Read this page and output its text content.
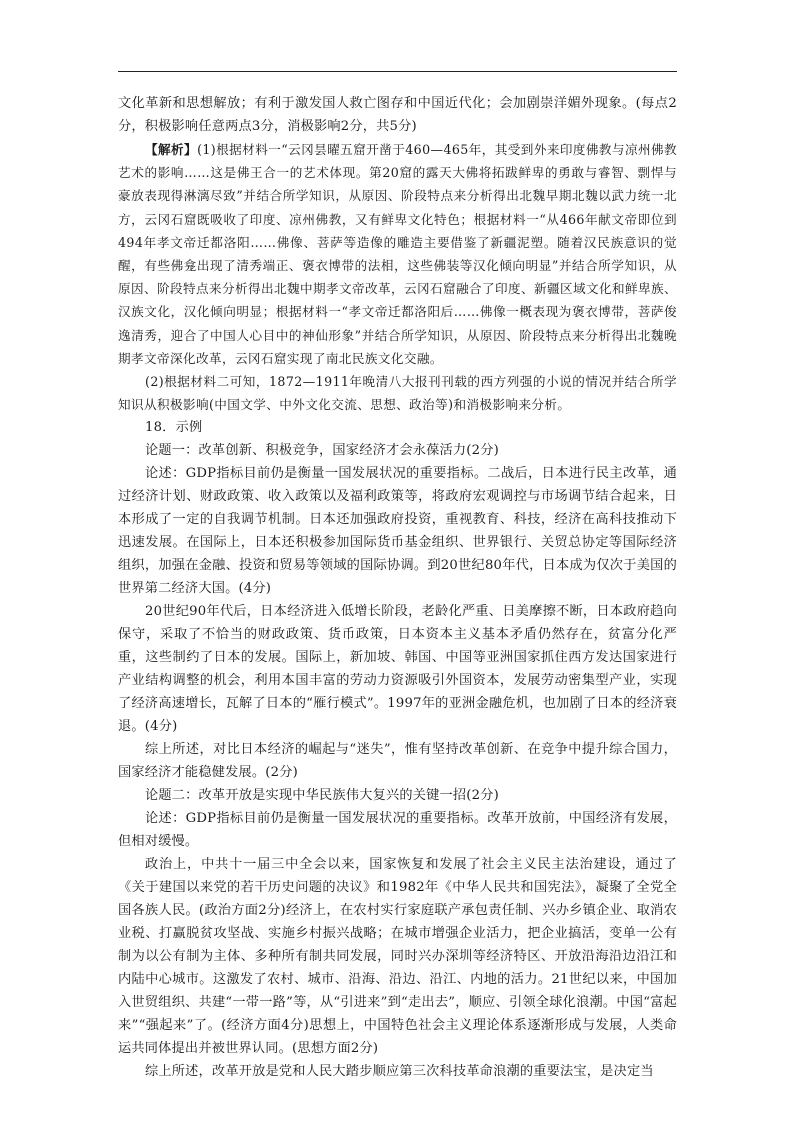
文化革新和思想解放；有利于激发国人救亡图存和中国近代化；会加剧崇洋媚外现象。(每点2分，积极影响任意两点3分，消极影响2分，共5分)

【解析】(1)根据材料一“云冈昙曜五窟开凿于460—465年，其受到外来印度佛教与凉州佛教艺术的影响……这是佛王合一的艺术体现。第20窟的露天大佛将拓跋鲜卑的勇敢与睿智、剽悍与豪放表现得淋漓尽致”并结合所学知识，从原因、阶段特点来分析得出北魏早期北魏以武力统一北方，云冈石窟既吸收了印度、凉州佛教，又有鲜卑文化特色；根据材料一“从466年献文帝即位到494年孝文帝迁都洛阳……佛像、菩萨等造像的雕造主要借鉴了新疆泥塑。随着汉民族意识的觉醒，有些佛龛出现了清秀端正、褒衣博带的法相，这些佛装等汉化倾向明显”并结合所学知识，从原因、阶段特点来分析得出北魏中期孝文帝改革，云冈石窟融合了印度、新疆区域文化和鲜卑族、汉族文化，汉化倾向明显；根据材料一“孝文帝迁都洛阳后……佛像一概表现为褒衣博带，菩萨俊逸清秀，迎合了中国人心目中的神仙形象”并结合所学知识，从原因、阶段特点来分析得出北魏晚期孝文帝深化改革，云冈石窟实现了南北民族文化交融。

(2)根据材料二可知，1872—1911年晚清八大报刊刊载的西方列强的小说的情况并结合所学知识从积极影响(中国文学、中外文化交流、思想、政治等)和消极影响来分析。

18．示例

论题一：改革创新、积极竞争，国家经济才会永葆活力(2分)

论述：GDP指标目前仍是衡量一国发展状况的重要指标。二战后，日本进行民主改革，通过经济计划、财政政策、收入政策以及福利政策等，将政府宏观调控与市场调节结合起来，日本形成了一定的自我调节机制。日本还加强政府投资，重视教育、科技，经济在高科技推动下迅速发展。在国际上，日本还积极参加国际货币基金组织、世界银行、关贸总协定等国际经济组织，加强在金融、投资和贸易等领域的国际协调。到20世纪80年代，日本成为仅次于美国的世界第二经济大国。(4分)

20世纪90年代后，日本经济进入低增长阶段，老龄化严重、日美摩擦不断，日本政府趋向保守，采取了不恰当的财政政策、货币政策，日本资本主义基本矛盾仍然存在，贫富分化严重，这些制约了日本的发展。国际上，新加坡、韩国、中国等亚洲国家抓住西方发达国家进行产业结构调整的机会，利用本国丰富的劳动力资源吸引外国资本，发展劳动密集型产业，实现了经济高速增长，瓦解了日本的“雁行模式”。1997年的亚洲金融危机，也加剧了日本的经济衰退。(4分)

综上所述，对比日本经济的崛起与“迷失”，惟有坚持改革创新、在竞争中提升综合国力，国家经济才能稳健发展。(2分)

论题二：改革开放是实现中华民族伟大复兴的关键一招(2分)

论述：GDP指标目前仍是衡量一国发展状况的重要指标。改革开放前，中国经济有发展，但相对缓慢。

政治上，中共十一届三中全会以来，国家恢复和发展了社会主义民主法治建设，通过了《关于建国以来党的若干历史问题的决议》和1982年《中华人民共和国宪法》，凝聚了全党全国各族人民。(政治方面2分)经济上，在农村实行家庭联产承包责任制、兴办乡镇企业、取消农业税、打赢脱贫攻坚战、实施乡村振兴战略；在城市增强企业活力，把企业搞活，变单一公有制为以公有制为主体、多种所有制共同发展，同时兴办深圳等经济特区、开放沿海沿边沿江和内陆中心城市。这激发了农村、城市、沿海、沿边、沿江、内地的活力。21世纪以来，中国加入世贸组织、共建“一带一路”等，从“引进来”到“走出去”，顺应、引领全球化浪潮。中国“富起来”“强起来”了。(经济方面4分)思想上，中国特色社会主义理论体系逐渐形成与发展，人类命运共同体提出并被世界认同。(思想方面2分)

综上所述，改革开放是党和人民大踏步顺应第三次科技革命浪潮的重要法宝，是决定当
